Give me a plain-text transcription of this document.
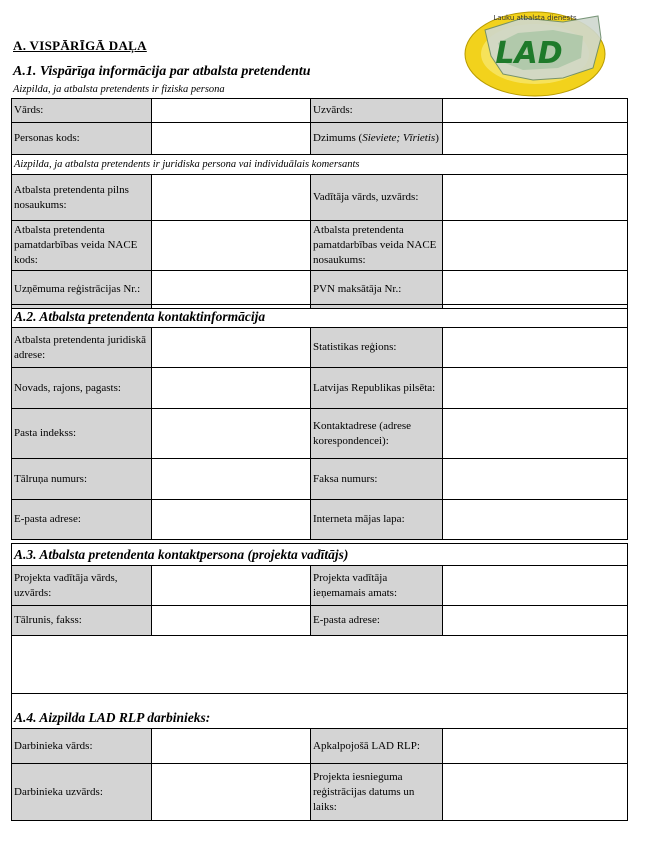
A. VISPĀRĪGĀ DAĻA
A.1. Vispārīga informācija par atbalsta pretendentu
Aizpilda, ja atbalsta pretendents ir fiziska persona
LAD
Lauku atbalsta dienests
Vārds:		Uzvārds:	
Personas kods:		Dzimums (Sieviete; Vīrietis)	
Aizpilda, ja atbalsta pretendents ir juridiska persona vai individuālais komersants			
Atbalsta pretendenta pilns nosaukums:		Vadītāja vārds, uzvārds:	
Atbalsta pretendenta pamatdarbības veida NACE kods:		Atbalsta pretendenta pamatdarbības veida NACE nosaukums:	
Uzņēmuma reģistrācijas Nr.:		PVN maksātāja Nr.:	
A.2. Atbalsta pretendenta kontaktinformācija			
Atbalsta pretendenta juridiskā adrese:		Statistikas reģions:	
Novads, rajons, pagasts:		Latvijas Republikas pilsēta:	
Pasta indekss:		Kontaktadrese (adrese korespondencei):	
Tālruņa numurs:		Faksa numurs:	
E-pasta adrese:		Interneta mājas lapa:	
A.3. Atbalsta pretendenta kontaktpersona (projekta vadītājs)			
Projekta vadītāja vārds, uzvārds:		Projekta vadītāja ieņemamais amats:	
Tālrunis, fakss:		E-pasta adrese:	

A.4. Aizpilda LAD RLP darbinieks:			
Darbinieka vārds:		Apkalpojošā LAD RLP:	
Darbinieka uzvārds:		Projekta iesnieguma reģistrācijas datums un laiks:	
